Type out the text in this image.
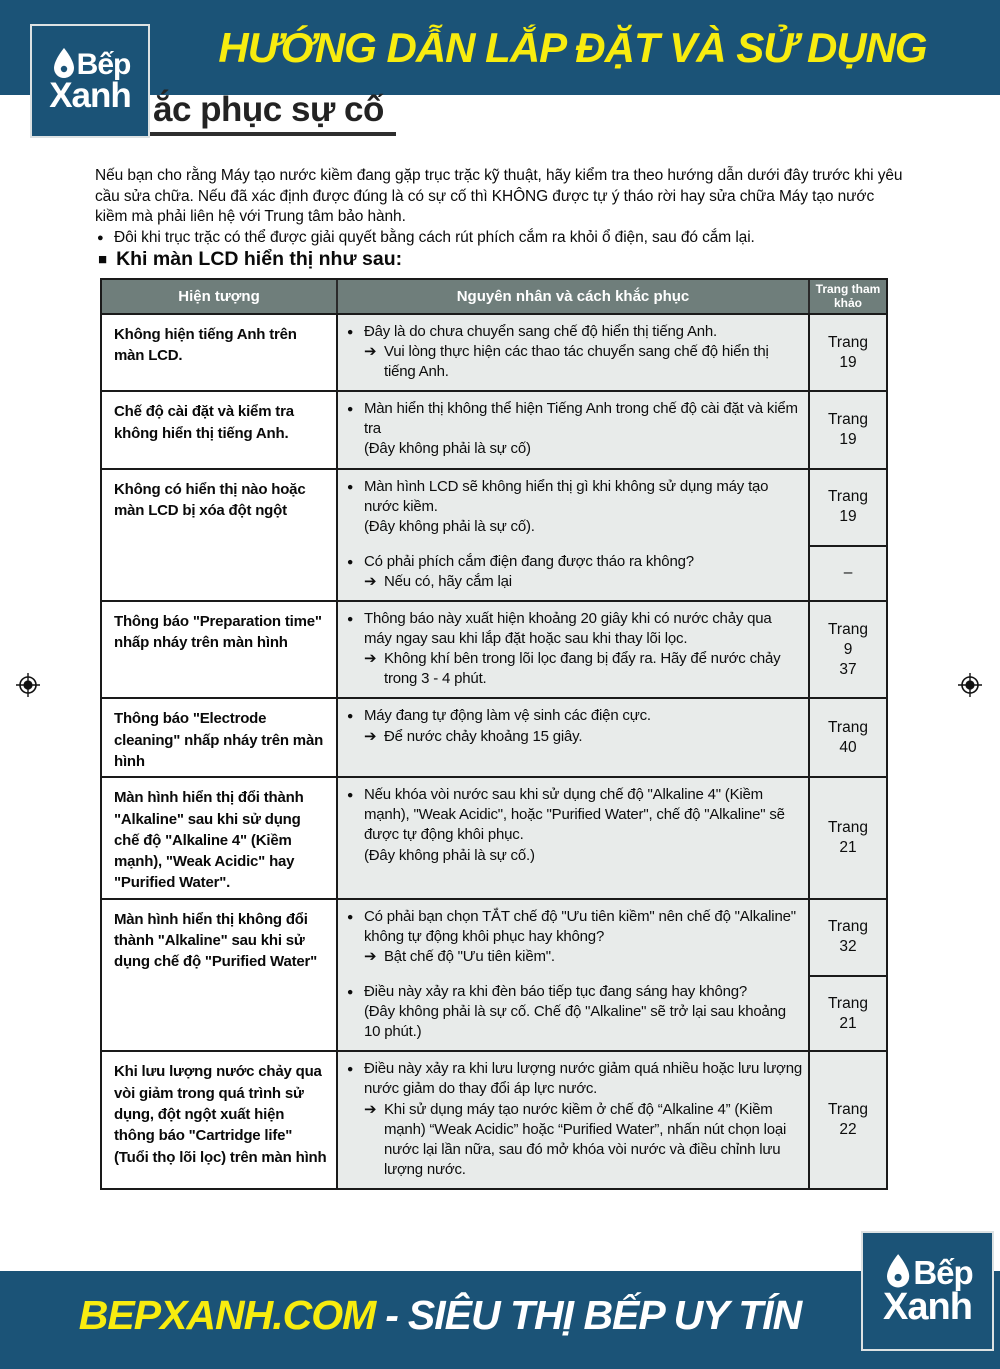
HƯỚNG DẪN LẮP ĐẶT VÀ SỬ DỤNG
Bếp
Xanh ắc phục sự cố
Nếu bạn cho rằng Máy tạo nước kiềm đang gặp trục trặc kỹ thuật, hãy kiểm tra theo hướng dẫn dưới đây trước khi yêu cầu sửa chữa. Nếu đã xác định được đúng là có sự cố thì KHÔNG được tự ý tháo rời hay sửa chữa Máy tạo nước kiềm mà phải liên hệ với Trung tâm bảo hành.
● Đôi khi trục trặc có thể được giải quyết bằng cách rút phích cắm ra khỏi ổ điện, sau đó cắm lại.
■ Khi màn LCD hiển thị như sau:
Hiện tượng	Nguyên nhân và cách khắc phục	Trang tham khảo
Không hiện tiếng Anh trên màn LCD.
● Đây là do chưa chuyển sang chế độ hiển thị tiếng Anh.
➔ Vui lòng thực hiện các thao tác chuyển sang chế độ hiển thị tiếng Anh.
Trang
19
Chế độ cài đặt và kiểm tra không hiển thị tiếng Anh.
● Màn hiển thị không thể hiện Tiếng Anh trong chế độ cài đặt và kiểm tra
(Đây không phải là sự cố)
Trang
19
Không có hiển thị nào hoặc màn LCD bị xóa đột ngột
● Màn hình LCD sẽ không hiển thị gì khi không sử dụng máy tạo nước kiềm.
(Đây không phải là sự cố).
Trang
19
● Có phải phích cắm điện đang được tháo ra không?
➔ Nếu có, hãy cắm lại
–
Thông báo "Preparation time" nhấp nháy trên màn hình
● Thông báo này xuất hiện khoảng 20 giây khi có nước chảy qua máy ngay sau khi lắp đặt hoặc sau khi thay lõi lọc.
➔ Không khí bên trong lõi lọc đang bị đẩy ra. Hãy để nước chảy trong 3 - 4 phút.
Trang
9
37
Thông báo "Electrode cleaning" nhấp nháy trên màn hình
● Máy đang tự động làm vệ sinh các điện cực.
➔ Để nước chảy khoảng 15 giây.
Trang
40
Màn hình hiển thị đổi thành "Alkaline" sau khi sử dụng chế độ "Alkaline 4" (Kiềm mạnh), "Weak Acidic" hay "Purified Water".
● Nếu khóa vòi nước sau khi sử dụng chế độ "Alkaline 4" (Kiềm mạnh), "Weak Acidic", hoặc "Purified Water", chế độ "Alkaline" sẽ được tự động khôi phục.
(Đây không phải là sự cố.)
Trang
21
Màn hình hiển thị không đổi thành "Alkaline" sau khi sử dụng chế độ "Purified Water"
● Có phải bạn chọn TẮT chế độ "Ưu tiên kiềm" nên chế độ "Alkaline" không tự động khôi phục hay không?
➔ Bật chế độ "Ưu tiên kiềm".
Trang
32
● Điều này xảy ra khi đèn báo tiếp tục đang sáng hay không?
(Đây không phải là sự cố. Chế độ "Alkaline" sẽ trở lại sau khoảng 10 phút.)
Trang
21
Khi lưu lượng nước chảy qua vòi giảm trong quá trình sử dụng, đột ngột xuất hiện thông báo "Cartridge life" (Tuổi thọ lõi lọc) trên màn hình
● Điều này xảy ra khi lưu lượng nước giảm quá nhiều hoặc lưu lượng nước giảm do thay đổi áp lực nước.
➔ Khi sử dụng máy tạo nước kiềm ở chế độ “Alkaline 4” (Kiềm mạnh) “Weak Acidic” hoặc “Purified Water”, nhấn nút chọn loại nước lại lần nữa, sau đó mở khóa vòi nước và điều chỉnh lưu lượng nước.
Trang
22
BEPXANH.COM - SIÊU THỊ BẾP UY TÍN
Bếp
Xanh
